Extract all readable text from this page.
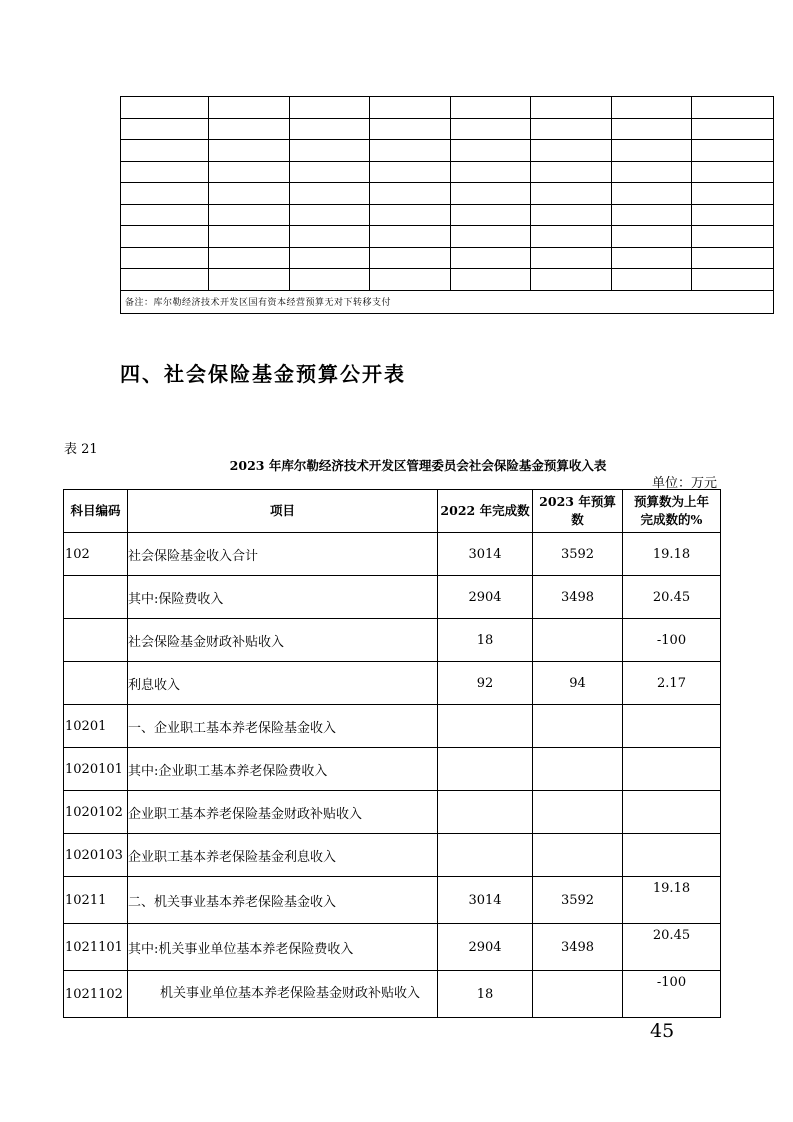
备注：库尔勒经济技术开发区国有资本经营预算无对下转移支付							
四、社会保险基金预算公开表
表 21
2023 年库尔勒经济技术开发区管理委员会社会保险基金预算收入表
单位：万元
科目编码	项目	2022 年完成数	2023 年预算数	预算数为上年
完成数的%

102	社会保险基金收入合计	3014	3592	19.18
	其中:保险费收入	2904	3498	20.45
	社会保险基金财政补贴收入	18		-100
	利息收入	92	94	2.17
10201	一、企业职工基本养老保险基金收入			
1020101	其中:企业职工基本养老保险费收入			
1020102	企业职工基本养老保险基金财政补贴收入			
1020103	企业职工基本养老保险基金利息收入			
10211	二、机关事业基本养老保险基金收入	3014	3592	19.18
1021101	其中:机关事业单位基本养老保险费收入	2904	3498	20.45
1021102	机关事业单位基本养老保险基金财政补贴收入	18		-100
45
